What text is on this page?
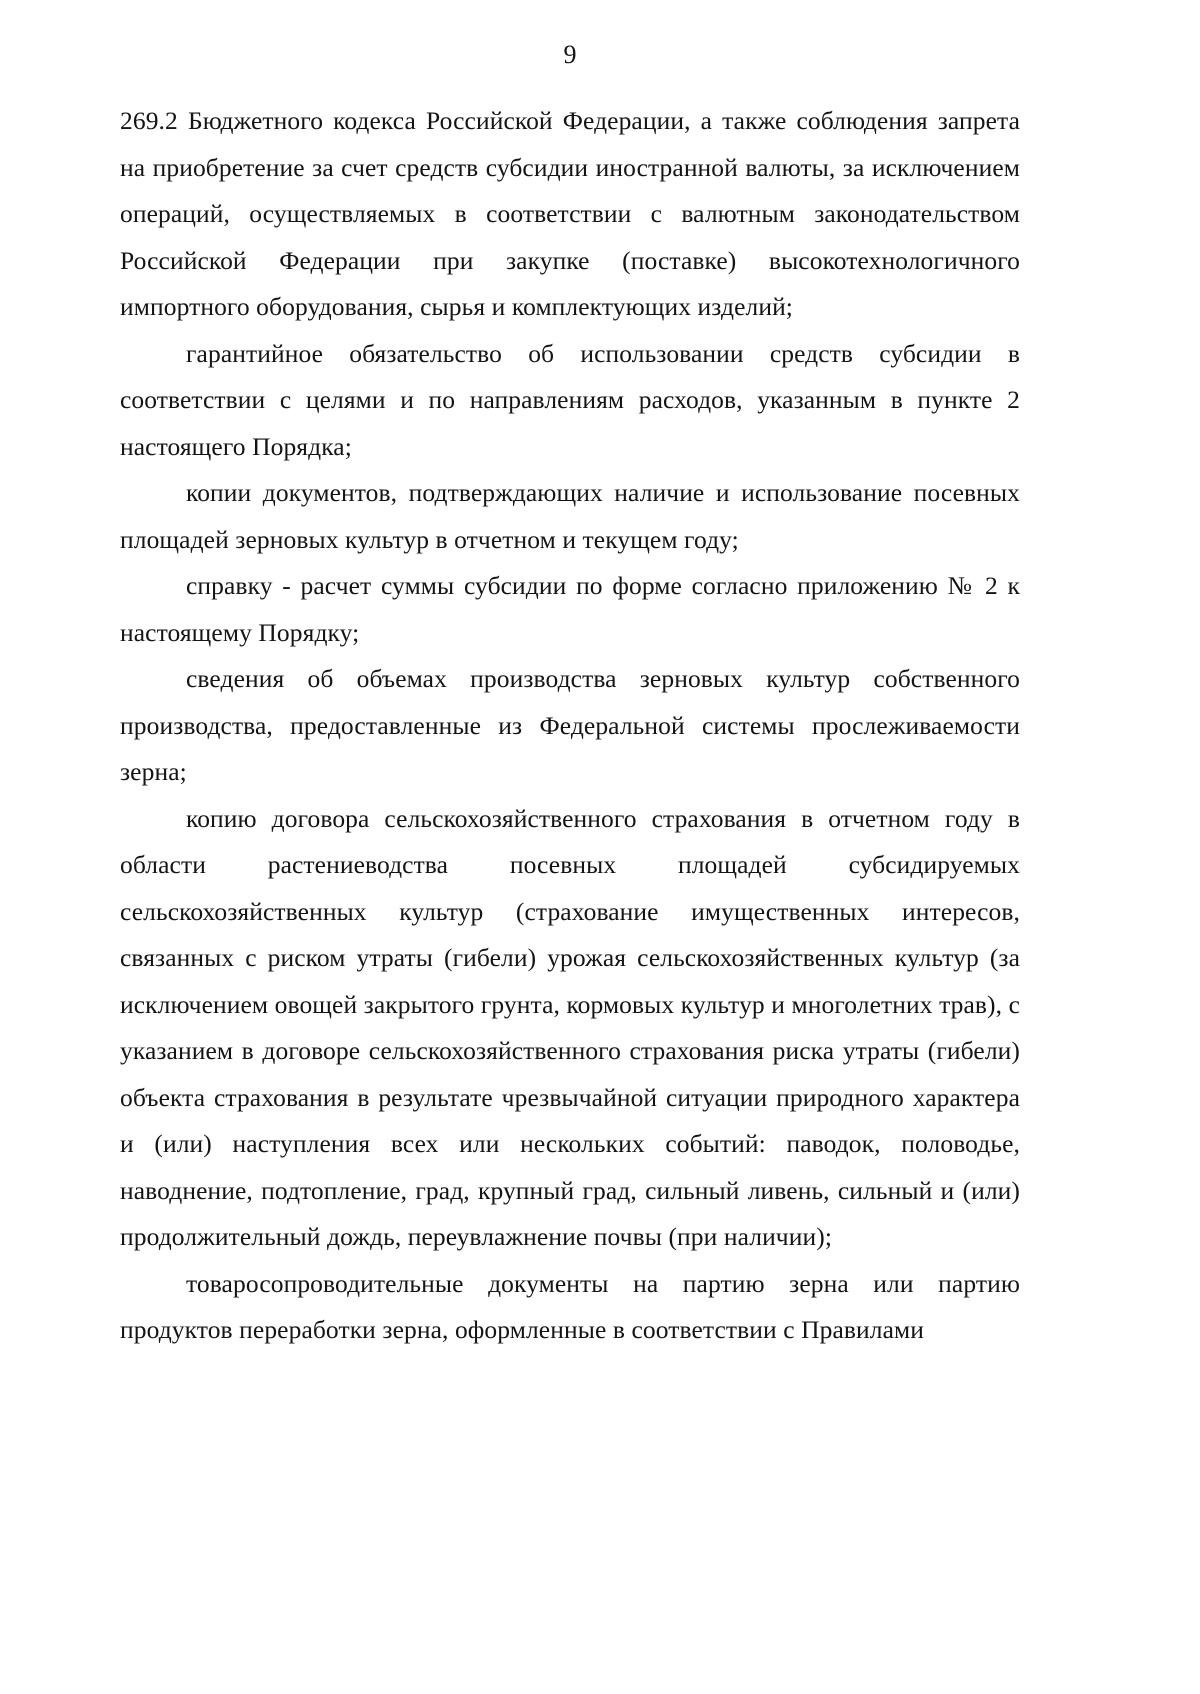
9

269.2 Бюджетного кодекса Российской Федерации, а также соблюдения запрета на приобретение за счет средств субсидии иностранной валюты, за исключением операций, осуществляемых в соответствии с валютным законодательством Российской Федерации при закупке (поставке) высокотехнологичного импортного оборудования, сырья и комплектующих изделий;

гарантийное обязательство об использовании средств субсидии в соответствии с целями и по направлениям расходов, указанным в пункте 2 настоящего Порядка;

копии документов, подтверждающих наличие и использование посевных площадей зерновых культур в отчетном и текущем году;

справку - расчет суммы субсидии по форме согласно приложению № 2 к настоящему Порядку;

сведения об объемах производства зерновых культур собственного производства, предоставленные из Федеральной системы прослеживаемости зерна;

копию договора сельскохозяйственного страхования в отчетном году в области растениеводства посевных площадей субсидируемых сельскохозяйственных культур (страхование имущественных интересов, связанных с риском утраты (гибели) урожая сельскохозяйственных культур (за исключением овощей закрытого грунта, кормовых культур и многолетних трав), с указанием в договоре сельскохозяйственного страхования риска утраты (гибели) объекта страхования в результате чрезвычайной ситуации природного характера и (или) наступления всех или нескольких событий: паводок, половодье, наводнение, подтопление, град, крупный град, сильный ливень, сильный и (или) продолжительный дождь, переувлажнение почвы (при наличии);

товаросопроводительные документы на партию зерна или партию продуктов переработки зерна, оформленные в соответствии с Правилами
